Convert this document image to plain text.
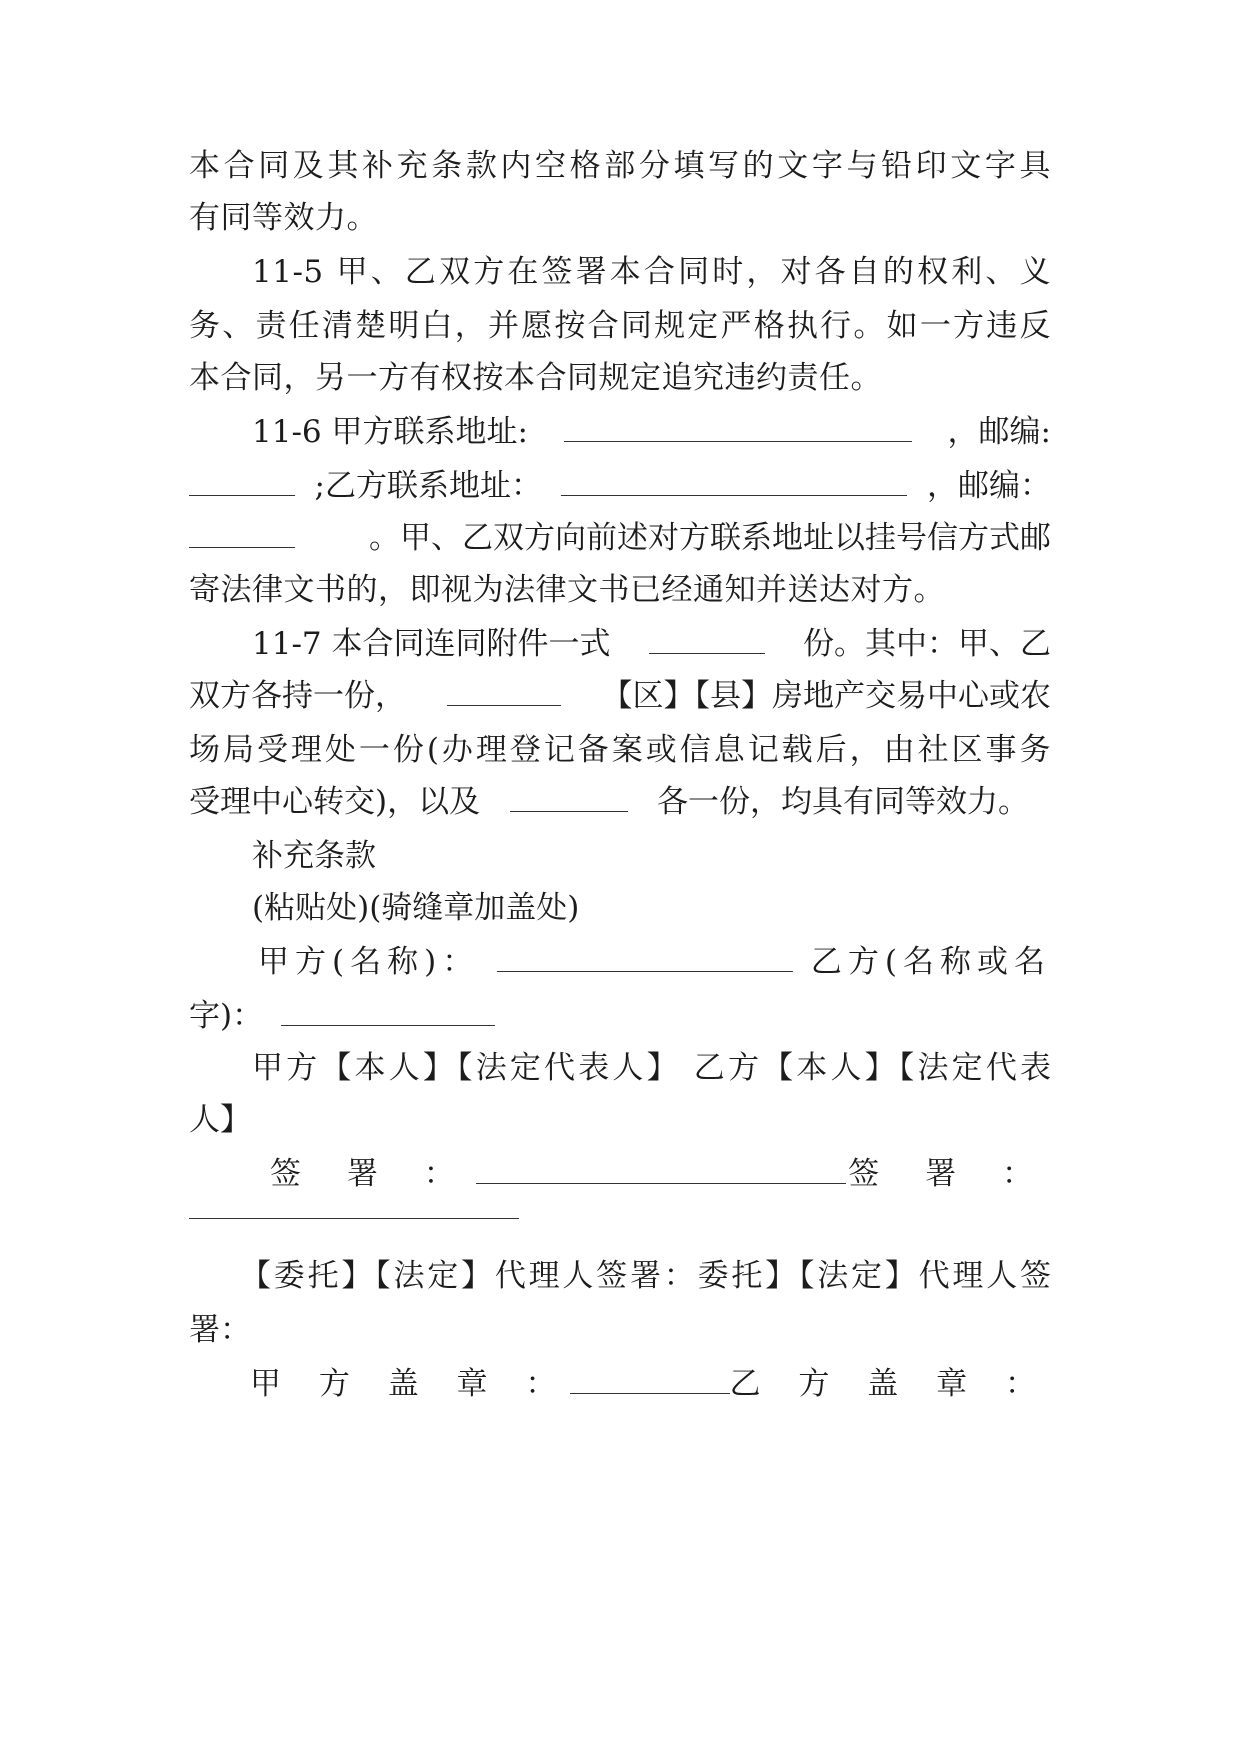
本合同及其补充条款内空格部分填写的文字与铅印文字具
有同等效力。
11-5 甲、乙双方在签署本合同时，对各自的权利、义
务、责任清楚明白，并愿按合同规定严格执行。如一方违反
本合同，另一方有权按本合同规定追究违约责任。
11-6 甲方联系地址:	，邮编:
;乙方联系地址：	，邮编：
。甲、乙双方向前述对方联系地址以挂号信方式邮
寄法律文书的，即视为法律文书已经通知并送达对方。
11-7 本合同连同附件一式	份。其中：甲、乙
双方各持一份，	【区】【县】房地产交易中心或农
场局受理处一份(办理登记备案或信息记载后，由社区事务
受理中心转交)，以及	各一份，均具有同等效力。
补充条款
(粘贴处)(骑缝章加盖处)
甲方(名称)：	乙方(名称或名
字)：
甲方【本人】【法定代表人】 乙方【本人】【法定代表
人】
签 署 ：	签 署 ：
【委托】【法定】代理人签署：委托】【法定】代理人签
署：
甲 方 盖 章 ：	乙 方 盖 章 ：
